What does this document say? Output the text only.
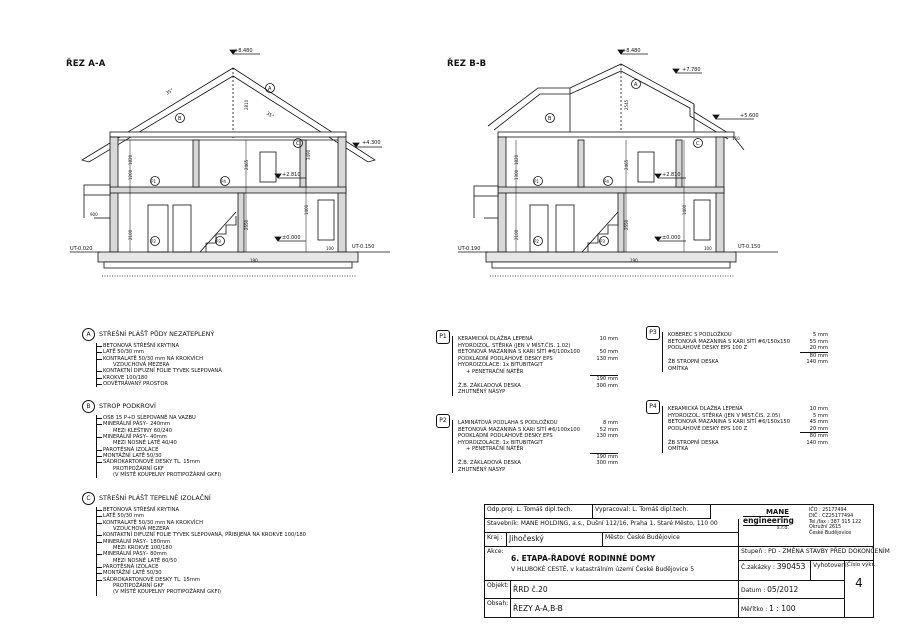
ŘEZ A-A	ŘEZ B-B
+8.480
+4.300
+2.810
±0.000
UT-0.020	UT-0.150
35°
35°
2810
2465
1400
2550
2100
900
1200
1820
100
190
3490
A
B
C
P1	P4
P2	P3
+8.480
+7.780
+5.600
+2.810
±0.000
UT-0.190	UT-0.150
2545
2465
1400
2550
2100
1300
1820
100
190
150
A
B
C
P1	P4
P2	P3
A	STŘEŠNÍ PLÁŠŤ PŮDY NEZATEPLENÝ
BETONOVÁ STŘEŠNÍ KRYTINA
LATĚ 50/30 mm
KONTRALATĚ 50/30 mm NA KROKVÍCH
VZDUCHOVÁ MEZERA
KONTAKTNÍ DIFUZNÍ FOLIE TYVEK SLEPOVANÁ
KROKVE 100/180
ODVĚTRÁVANÝ PROSTOR
B	STROP PODKROVÍ
OSB 15 P+D SLEPOVANÉ NA VAZBU
MINERÁLNÍ PÁSY– 240mm
MEZI KLEŠTINY 60/240
MINERÁLNÍ PÁSY– 40mm
MEZI NOSNÉ LATĚ 40/40
PAROTĚSNÁ IZOLACE
MONTÁŽNÍ LATĚ 50/30
SÁDROKARTONOVÉ DESKY TL. 15mm
PROTIPOŽÁRNÍ GKF
(V MÍSTĚ KOUPELNY PROTIPOŽÁRNÍ GKFI)
C	STŘEŠNÍ PLÁŠŤ TEPELNĚ IZOLAČNÍ
BETONOVÁ STŘEŠNÍ KRYTINA
LATĚ 50/30 mm
KONTRALATĚ 50/30 mm NA KROKVÍCH
VZDUCHOVÁ MEZERA
KONTAKTNÍ DIFUZNÍ FOLIE TYVEK SLEPOVANÁ, PŘIBIJENÁ NA KROKVE 100/180
MINERÁLNÍ PÁSY– 180mm
MEZI KROKVE 100/180
MINERÁLNÍ PÁSY– 80mm
MEZI NOSNÉ LATĚ 80/50
PAROTĚSNÁ IZOLACE
MONTÁŽNÍ LATĚ 50/30
SÁDROKARTONOVÉ DESKY TL. 15mm
PROTIPOŽÁRNÍ GKF
(V MÍSTĚ KOUPELNY PROTIPOŽÁRNÍ GKFI)
P1	KERAMICKÁ DLAŽBA LEPENÁ	10 mm
HYDROIZOL. STĚRKA (JEN V MÍST.ČIS. 1.02)
BETONOVÁ MAZANINA S KARI SÍTÍ #6/100x100	50 mm
PODKLADNÍ PODLAHOVÉ DESKY EPS	130 mm
HYDROIZOLACE: 1x BITUBITAGIT
+ PENETRAČNÍ NÁTĚR
190 mm
Ž.B. ZÁKLADOVÁ DESKA	300 mm
ZHUTNĚNÝ NÁSYP
P2	LAMINÁTOVÁ PODLAHA S PODLOŽKOU	8 mm
BETONOVÁ MAZANINA S KARI SÍTÍ #6/100x100	52 mm
PODKLADNÍ PODLAHOVÉ DESKY EPS	130 mm
HYDROIZOLACE: 1x BITUBITAGIT
+ PENETRAČNÍ NÁTĚR
190 mm
Ž.B. ZÁKLADOVÁ DESKA	300 mm
ZHUTNĚNÝ NÁSYP
P3	KOBEREC S PODLOŽKOU	5 mm
BETONOVÁ MAZANINA S KARI SÍTÍ #6/150x150	55 mm
PODLAHOVÉ DESKY EPS 100 Z	20 mm
80 mm
ŽB STROPNÍ DESKA	140 mm
OMÍTKA
P4	KERAMICKÁ DLAŽBA LEPENÁ	10 mm
HYDROIZOL. STĚRKA (JEN V MÍST.ČIS. 2.05)	5 mm
BETONOVÁ MAZANINA S KARI SÍTÍ #6/150x150	45 mm
PODLAHOVÉ DESKY EPS 100 Z	20 mm
80 mm
ŽB STROPNÍ DESKA	140 mm
OMÍTKA
Odp.proj. L. Tomáš dipl.tech.	Vypracoval: L. Tomáš dipl.tech.
Stavebník: MANE HOLDING, a.s., Dušní 112/16, Praha 1, Staré Město, 110 00
Kraj : Jihočeský	Město: České Budějovice
MANE
engineering
s.r.o.
IČO : 25177494
DIČ : CZ25177494
Tel./fax : 387 315 122
Okružní 2615
České Budějovice
Akce:
6. ETAPA-ŘADOVÉ RODINNÉ DOMY
V HLUBOKÉ CESTĚ, v katastrálním území České Budějovice 5
Stupeň : PD - ZMĚNA STAVBY PŘED DOKONČENÍM
Č.zakázky : 390453	Vyhotovení:
Číslo výkr.
4
Objekt: ŘRD č.20	Datum : 05/2012
Obsah:
ŘEZY A-A,B-B	Měřítko : 1 : 100
